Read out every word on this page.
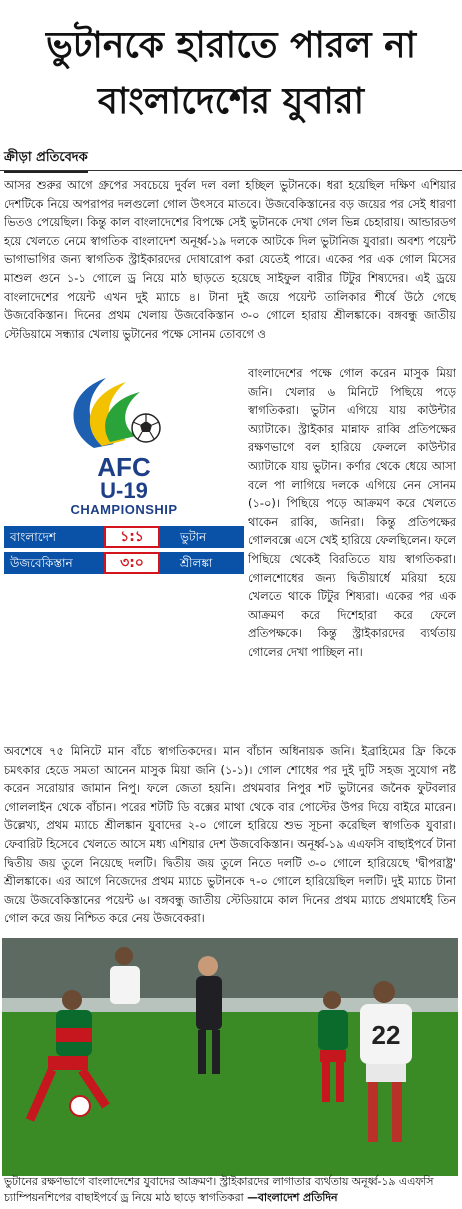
ভুটানকে হারাতে পারল না
বাংলাদেশের যুবারা
ক্রীড়া প্রতিবেদক

আসর শুরুর আগে গ্রুপের সবচেয়ে দুর্বল দল বলা হচ্ছিল ভুটানকে। ধরা হয়েছিল দক্ষিণ এশিয়ার দেশটিকে নিয়ে অপরাপর দলগুলো গোল উৎসবে মাতবে। উজবেকিস্তানের বড় জয়ের পর সেই ধারণা ভিতও পেয়েছিল। কিন্তু কাল বাংলাদেশের বিপক্ষে সেই ভুটানকে দেখা গেল ভিন্ন চেহারায়। আন্ডারডগ হয়ে খেলতে নেমে স্বাগতিক বাংলাদেশ অনূর্ধ্ব-১৯ দলকে আটকে দিল ভুটানিজ যুবারা। অবশ্য পয়েন্ট ভাগাভাগির জন্য স্বাগতিক স্ট্রাইকারদের দোষারোপ করা যেতেই পারে। একের পর এক গোল মিসের মাশুল গুনে ১-১ গোলে ড্র নিয়ে মাঠ ছাড়তে হয়েছে সাইফুল বারীর টিটুর শিষ্যদের। এই ড্রয়ে বাংলাদেশের পয়েন্ট এখন দুই ম্যাচে ৪। টানা দুই জয়ে পয়েন্ট তালিকার শীর্ষে উঠে গেছে উজবেকিস্তান। দিনের প্রথম খেলায় উজবেকিস্তান ৩-০ গোলে হারায় শ্রীলঙ্কাকে। বঙ্গবন্ধু জাতীয় স্টেডিয়ামে সন্ধ্যার খেলায় ভুটানের পক্ষে সোনম তোবগে ও

AFC
U-19
CHAMPIONSHIP
বাংলাদেশ	১:১	ভুটান
উজবেকিস্তান	৩:০	শ্রীলঙ্কা

বাংলাদেশের পক্ষে গোল করেন মাসুক মিয়া জনি। খেলার ৬ মিনিটে পিছিয়ে পড়ে স্বাগতিকরা। ভুটান এগিয়ে যায় কাউন্টার অ্যাটাকে। স্ট্রাইকার মান্নাফ রাব্বি প্রতিপক্ষের রক্ষণভাগে বল হারিয়ে ফেললে কাউন্টার অ্যাটাকে যায় ভুটান। কর্ণার থেকে ধেয়ে আসা বলে পা লাগিয়ে দলকে এগিয়ে নেন সোনম (১-০)। পিছিয়ে পড়ে আক্রমণ করে খেলতে থাকেন রাব্বি, জনিরা। কিন্তু প্রতিপক্ষের গোলবক্সে এসে খেই হারিয়ে ফেলছিলেন। ফলে পিছিয়ে থেকেই বিরতিতে যায় স্বাগতিকরা। গোলশোধের জন্য দ্বিতীয়ার্ধে মরিয়া হয়ে খেলতে থাকে টিটুর শিষ্যরা। একের পর এক আক্রমণ করে দিশেহারা করে ফেলে প্রতিপক্ষকে। কিন্তু স্ট্রাইকারদের ব্যর্থতায় গোলের দেখা পাচ্ছিল না।

অবশেষে ৭৫ মিনিটে মান বাঁচে স্বাগতিকদের। মান বাঁচান অধিনায়ক জনি। ইব্রাহিমের ফ্রি কিকে চমৎকার হেডে সমতা আনেন মাসুক মিয়া জনি (১-১)। গোল শোধের পর দুই দুটি সহজ সুযোগ নষ্ট করেন সরোয়ার জামান নিপু। ফলে জেতা হয়নি। প্রথমবার নিপুর শট ভুটানের জনৈক ফুটবলার গোললাইন থেকে বাঁচান। পরের শটটি ডি বক্সের মাথা থেকে বার পোস্টের উপর দিয়ে বাইরে মারেন। উল্লেখ্য, প্রথম ম্যাচে শ্রীলঙ্কান যুবাদের ২-০ গোলে হারিয়ে শুভ সূচনা করেছিল স্বাগতিক যুবারা। ফেবারিট হিসেবে খেলতে আসে মধ্য এশিয়ার দেশ উজবেকিস্তান। অনূর্ধ্ব-১৯ এএফসি বাছাইপর্বে টানা দ্বিতীয় জয় তুলে নিয়েছে দলটি। দ্বিতীয় জয় তুলে নিতে দলটি ৩-০ গোলে হারিয়েছে 'দ্বীপরাষ্ট্র' শ্রীলঙ্কাকে। এর আগে নিজেদের প্রথম ম্যাচে ভুটানকে ৭-০ গোলে হারিয়েছিল দলটি। দুই ম্যাচে টানা জয়ে উজবেকিস্তানের পয়েন্ট ৬। বঙ্গবন্ধু জাতীয় স্টেডিয়ামে কাল দিনের প্রথম ম্যাচে প্রথমার্ধেই তিন গোল করে জয় নিশ্চিত করে নেয় উজবেকরা।

22

ভুটানের রক্ষণভাগে বাংলাদেশের যুবাদের আক্রমণ। স্ট্রাইকারদের লাগাতার ব্যর্থতায় অনূর্ধ্ব-১৯ এএফসি চ্যাম্পিয়নশিপের বাছাইপর্বে ড্র নিয়ে মাঠ ছাড়ে স্বাগতিকরা —বাংলাদেশ প্রতিদিন
